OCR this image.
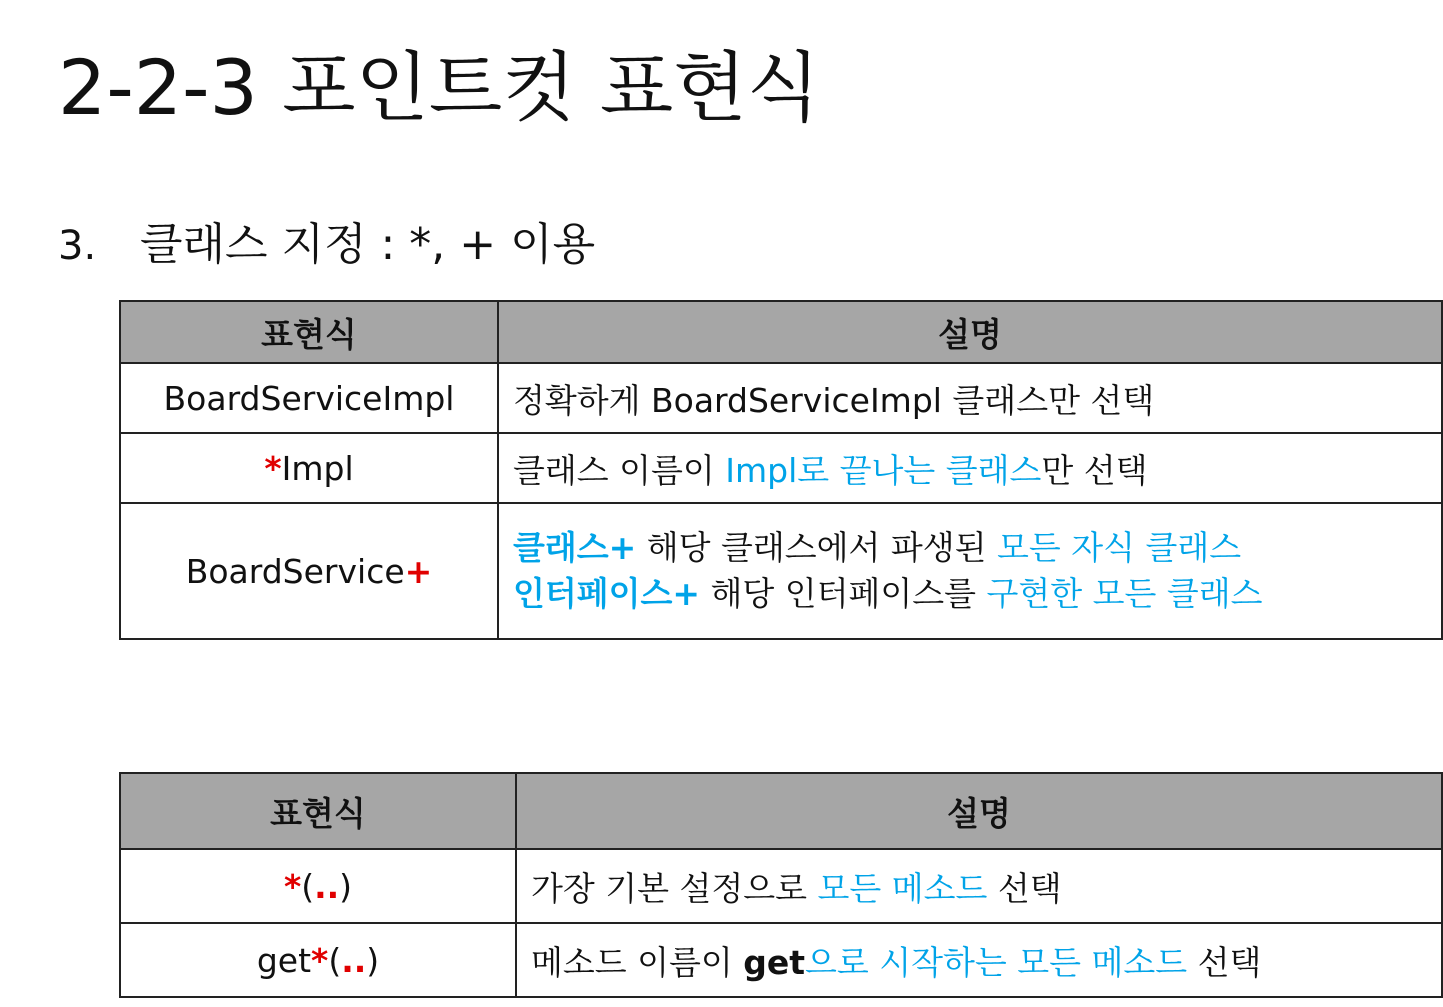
2-2-3 포인트컷 표현식
3. 클래스 지정 : *, + 이용
표현식	설명
BoardServiceImpl	정확하게 BoardServiceImpl 클래스만 선택
*Impl	클래스 이름이 Impl로 끝나는 클래스만 선택
BoardService+	클래스+ 해당 클래스에서 파생된 모든 자식 클래스
인터페이스+ 해당 인터페이스를 구현한 모든 클래스
표현식	설명
*(..)	가장 기본 설정으로 모든 메소드 선택
get*(..)	메소드 이름이 get으로 시작하는 모든 메소드 선택
